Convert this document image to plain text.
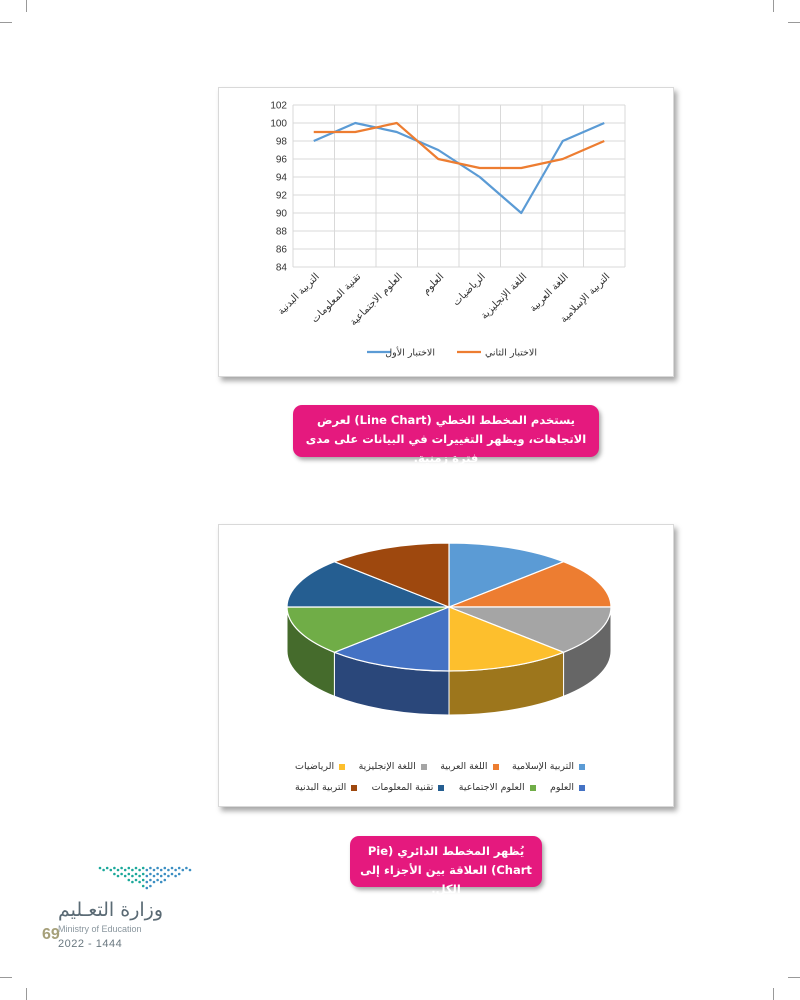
84
86
88
90
92
94
96
98
100
102
التربية البدنية
تقنية المعلومات
العلوم الاجتماعية العلوم الرياضيات
اللغة الإنجليزية
اللغة العربية
التربية الإسلامية
الاختبار الأول	الاختبار الثاني
يستخدم المخطط الخطي (Line Chart) لعرض الاتجاهات، ويظهر التغييرات في البيانات على مدى فترة زمنية.
التربية الإسلامية
اللغة العربية
اللغة الإنجليزية
الرياضيات
العلوم
العلوم الاجتماعية
تقنية المعلومات
التربية البدنية
يُظهر المخطط الدائري (Pie Chart) العلاقة بين الأجزاء إلى الكل.
وزارة التعـليم
Ministry of Education
69
2022 - 1444
